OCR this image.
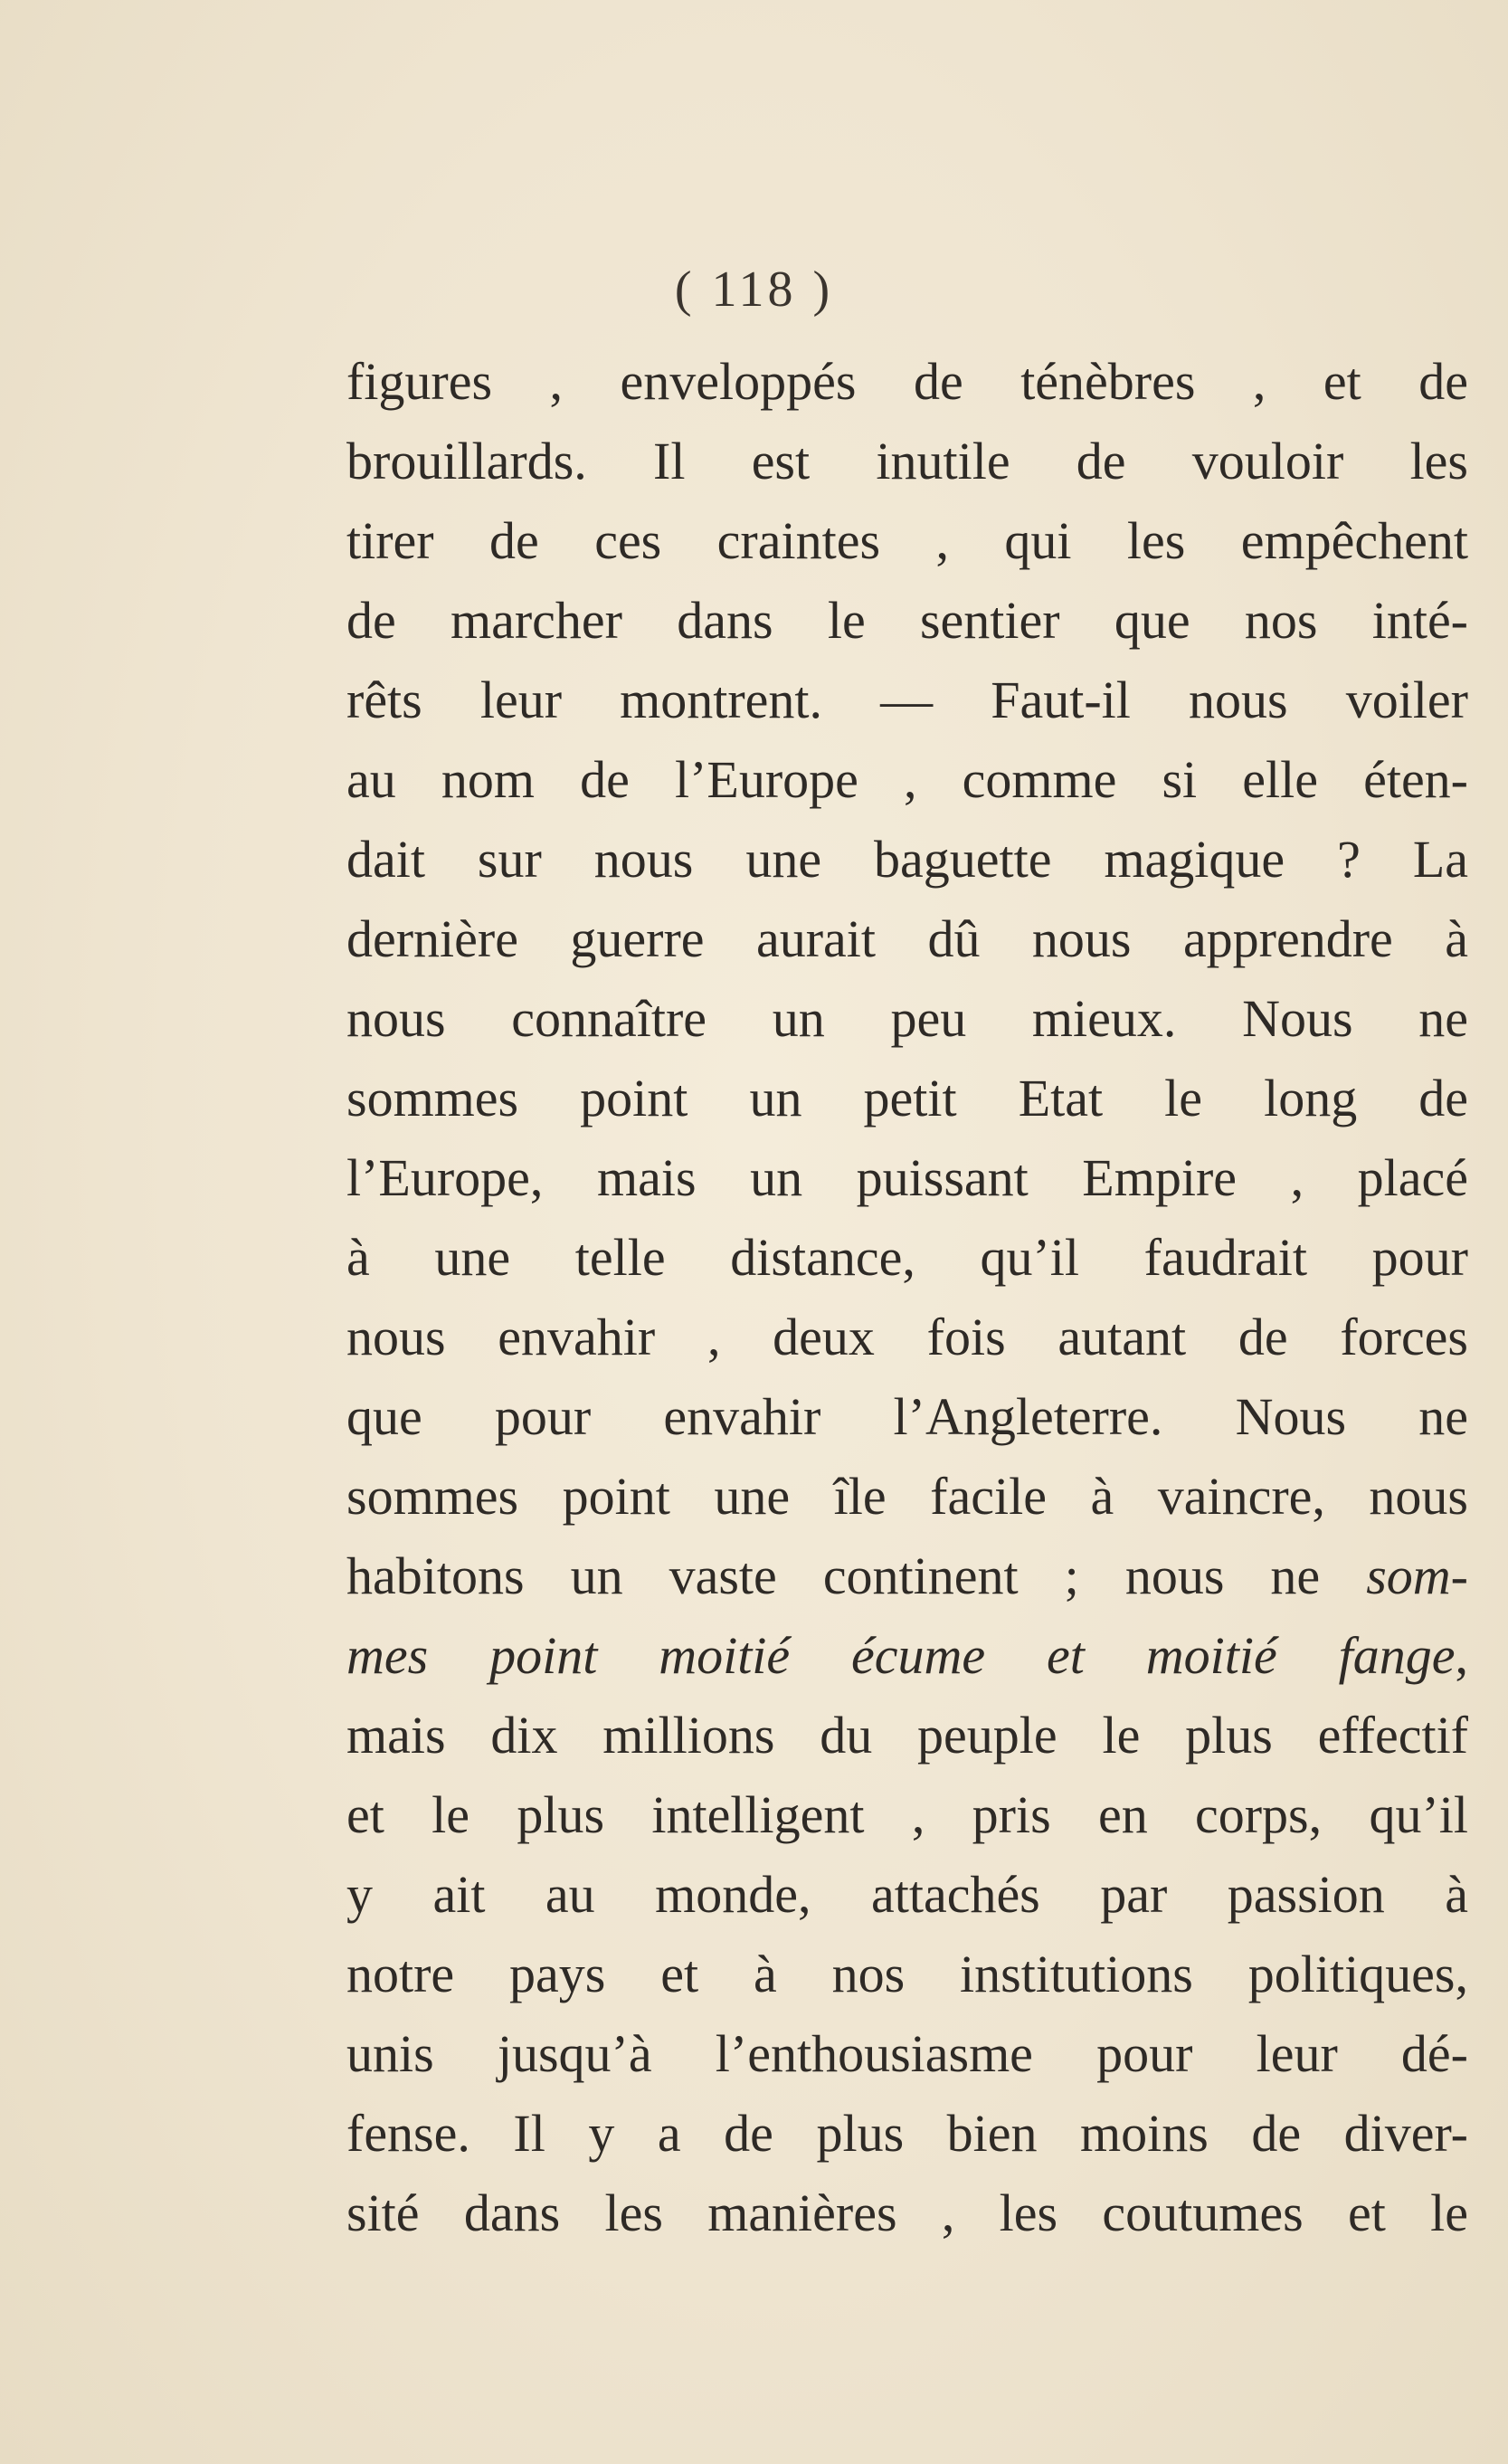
( 118 )
figures , enveloppés de ténèbres , et de
brouillards. Il est inutile de vouloir les
tirer de ces craintes , qui les empêchent
de marcher dans le sentier que nos inté-
rêts leur montrent. — Faut-il nous voiler
au nom de l’Europe , comme si elle éten-
dait sur nous une baguette magique ? La
dernière guerre aurait dû nous apprendre à
nous connaître un peu mieux. Nous ne
sommes point un petit Etat le long de
l’Europe, mais un puissant Empire , placé
à une telle distance, qu’il faudrait pour
nous envahir , deux fois autant de forces
que pour envahir l’Angleterre. Nous ne
sommes point une île facile à vaincre, nous
habitons un vaste continent ; nous ne som-
mes point moitié écume et moitié fange,
mais dix millions du peuple le plus effectif
et le plus intelligent , pris en corps, qu’il
y ait au monde, attachés par passion à
notre pays et à nos institutions politiques,
unis jusqu’à l’enthousiasme pour leur dé-
fense. Il y a de plus bien moins de diver-
sité dans les manières , les coutumes et le
